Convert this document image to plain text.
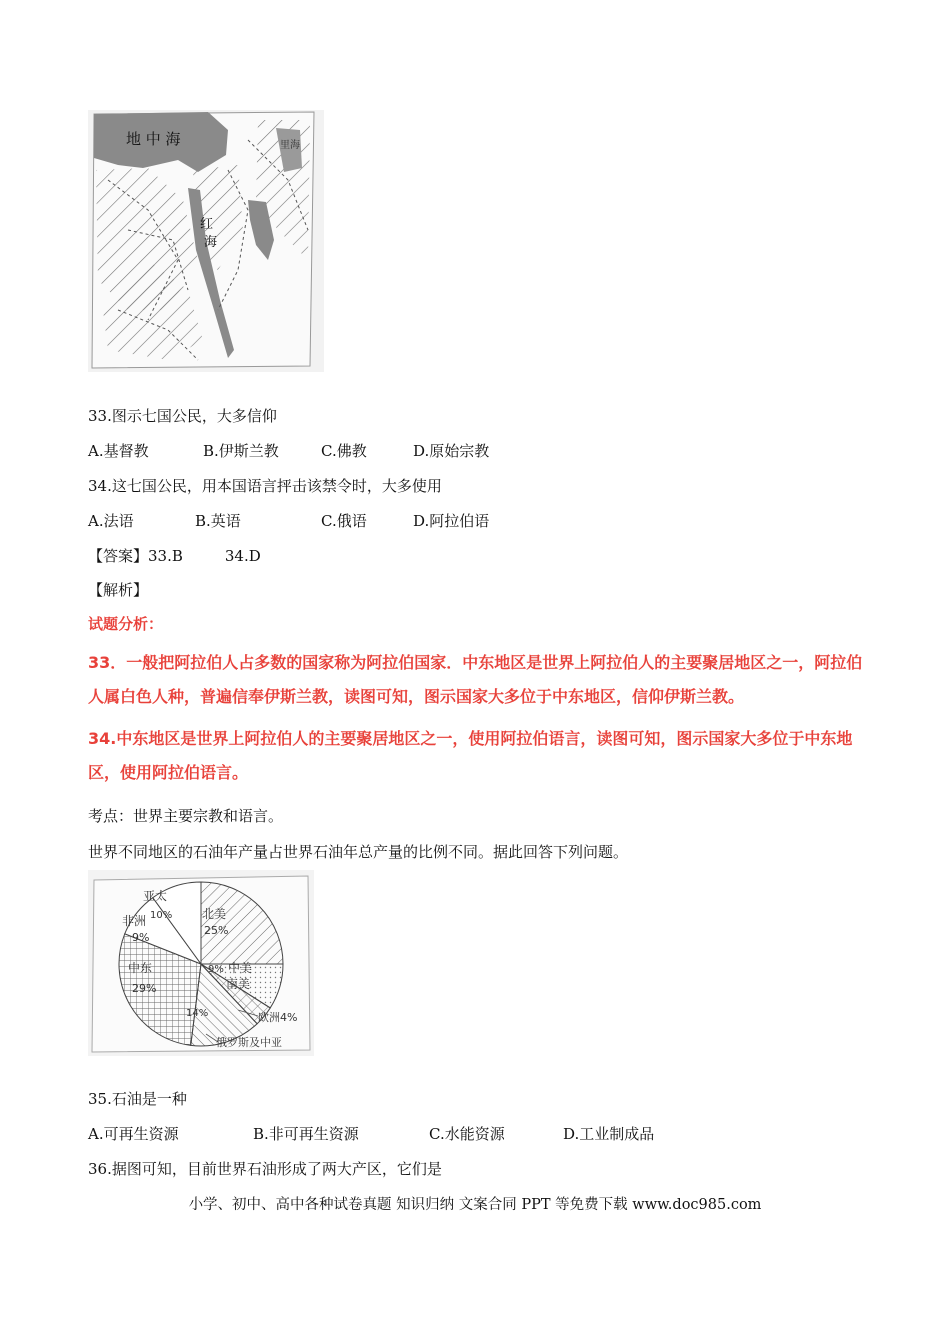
地 中 海
红
海
里海
33.图示七国公民，大多信仰
A.基督教	B.伊斯兰教	C.佛教	D.原始宗教
34.这七国公民，用本国语言抨击该禁令时，大多使用
A.法语	B.英语	C.俄语	D.阿拉伯语
【答案】33.B	34.D
【解析】
试题分析：
33．一般把阿拉伯人占多数的国家称为阿拉伯国家．中东地区是世界上阿拉伯人的主要聚居地区之一，阿拉伯人属白色人种，普遍信奉伊斯兰教，读图可知，图示国家大多位于中东地区，信仰伊斯兰教。
34.中东地区是世界上阿拉伯人的主要聚居地区之一，使用阿拉伯语言，读图可知，图示国家大多位于中东地区，使用阿拉伯语言。
考点：世界主要宗教和语言。
世界不同地区的石油年产量占世界石油年总产量的比例不同。据此回答下列问题。
亚太
10% 北美
25%
非洲
9%
中东
29%
9% 中美
南美
14%	欧洲4%
俄罗斯及中亚
35.石油是一种
A.可再生资源	B.非可再生资源	C.水能资源	D.工业制成品
36.据图可知，目前世界石油形成了两大产区，它们是
小学、初中、高中各种试卷真题 知识归纳 文案合同 PPT 等免费下载 www.doc985.com
